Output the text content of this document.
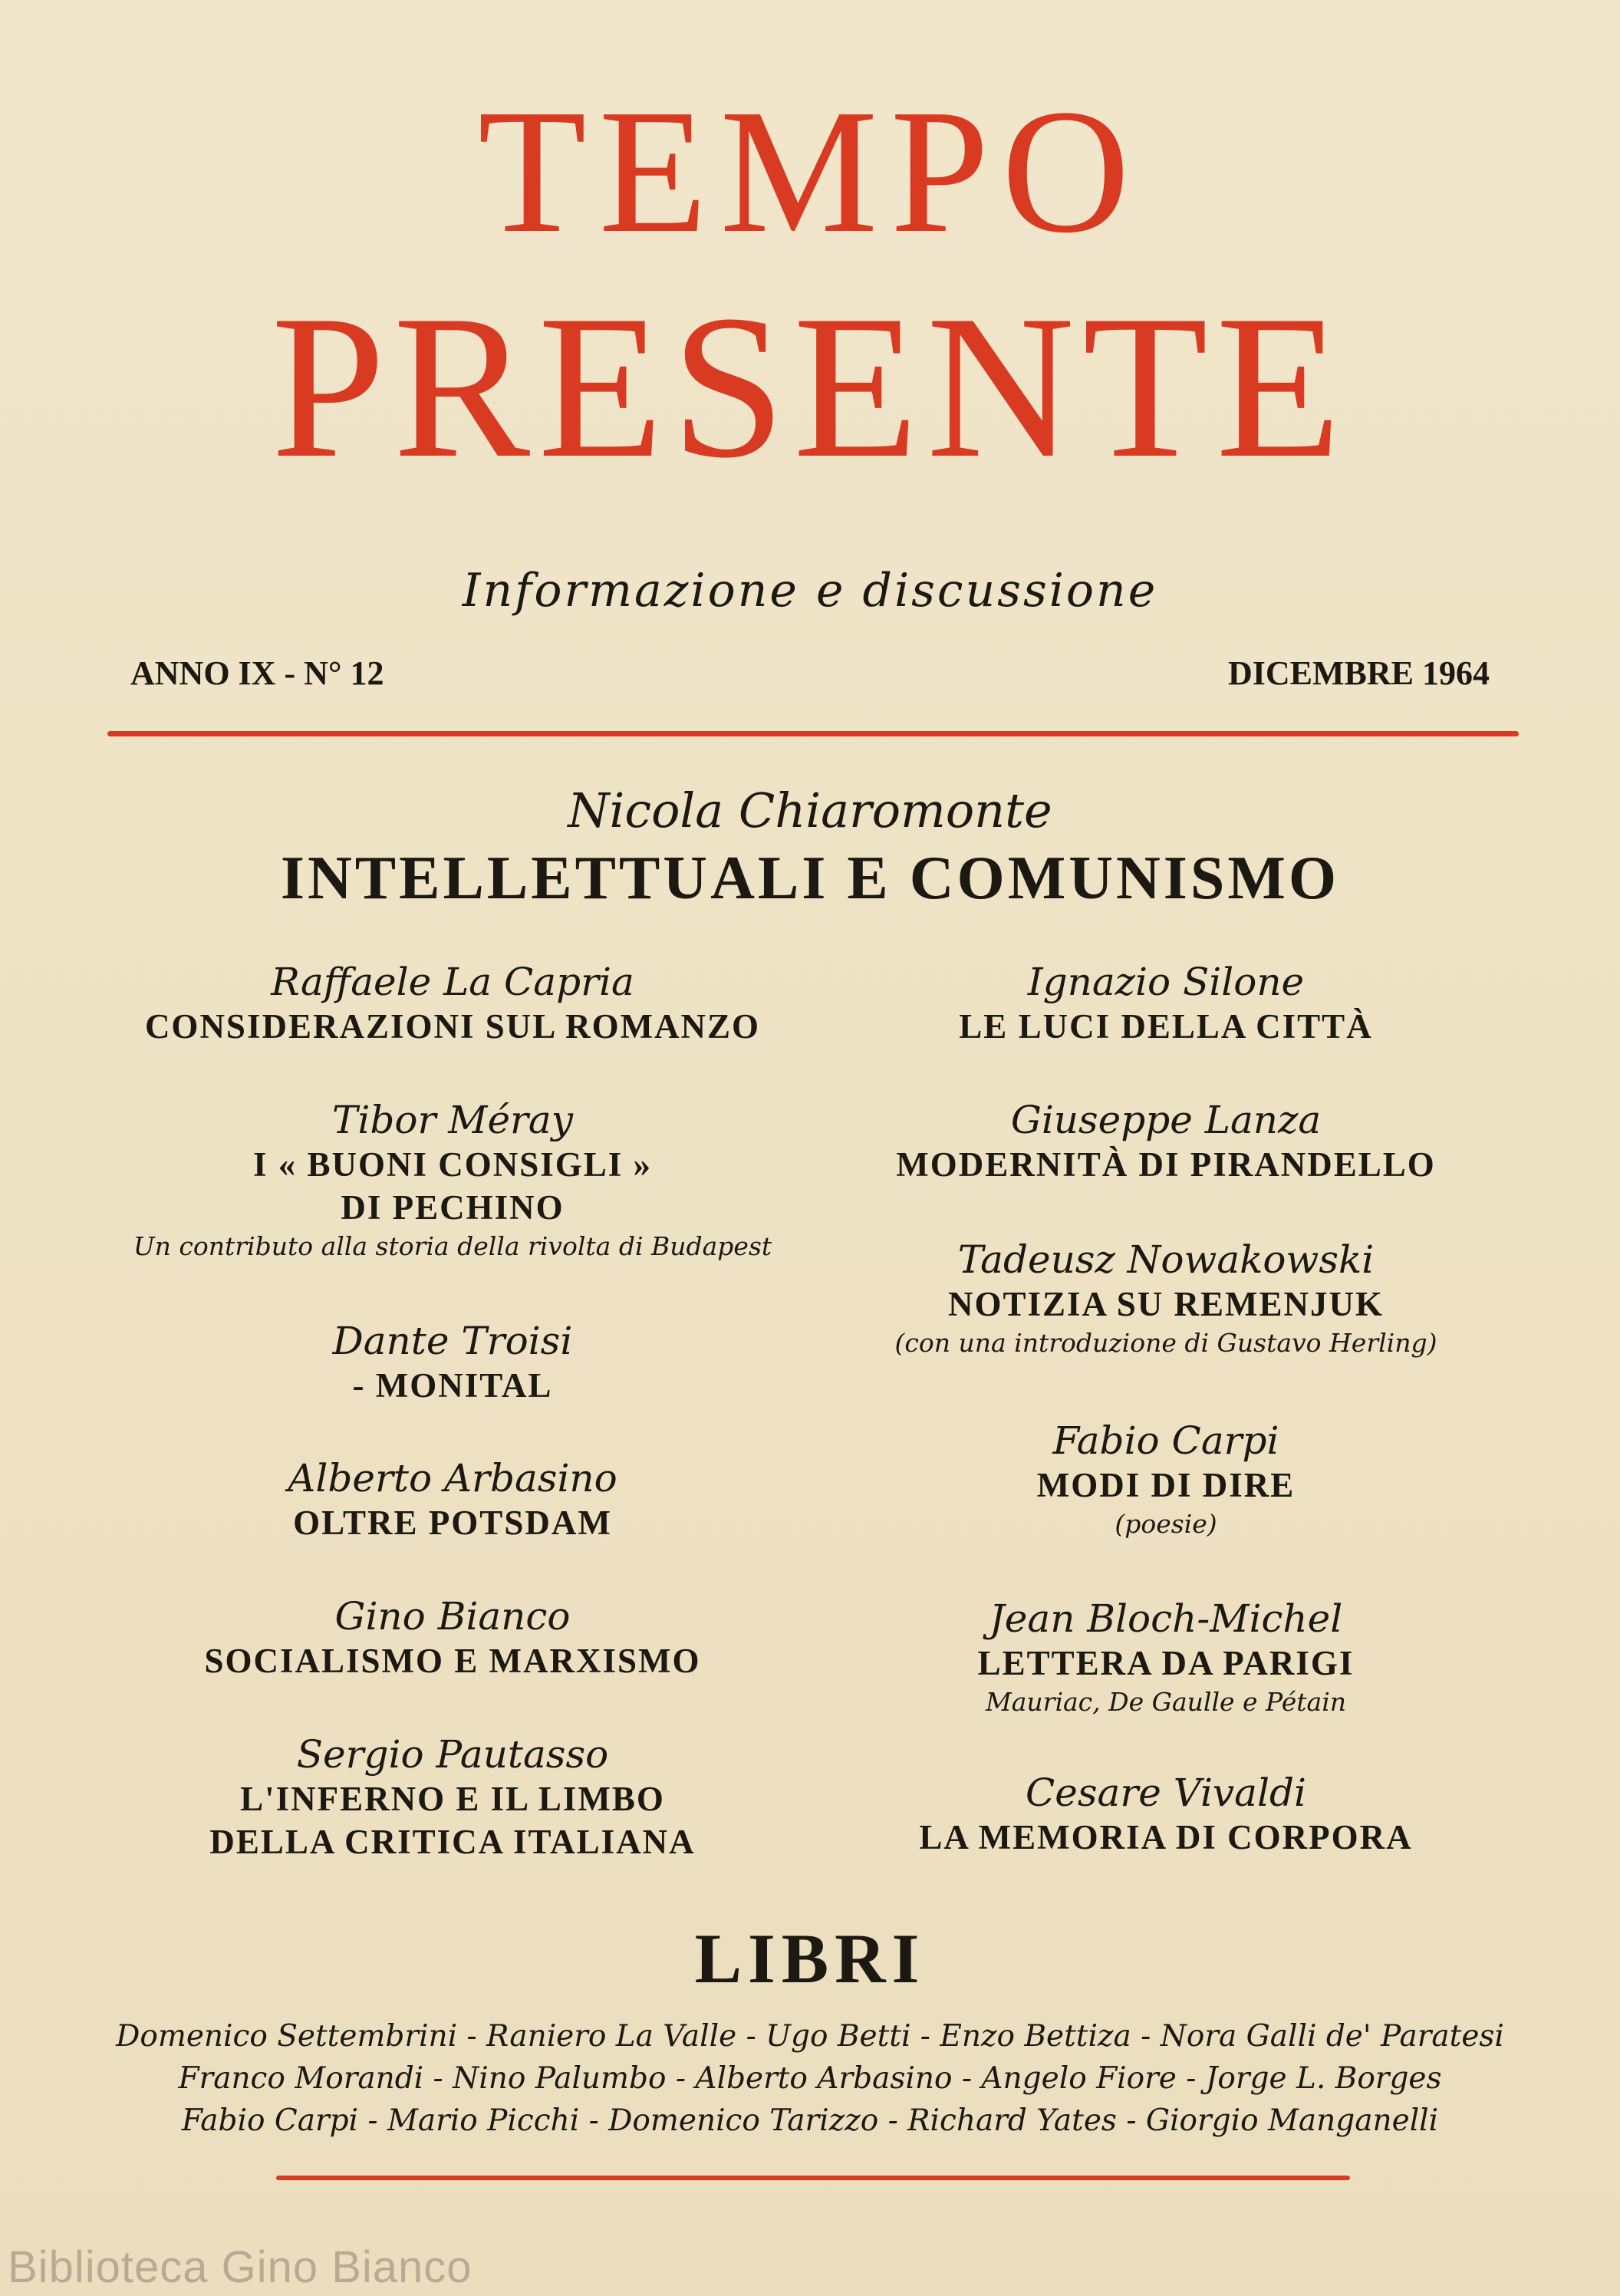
TEMPO
PRESENTE
Informazione e discussione
ANNO IX - N° 12	DICEMBRE 1964
Nicola Chiaromonte
INTELLETTUALI E COMUNISMO
Raffaele La Capria
CONSIDERAZIONI SUL ROMANZO
Tibor Méray
I « BUONI CONSIGLI »
DI PECHINO
Un contributo alla storia della rivolta di Budapest
Dante Troisi
- MONITAL
Alberto Arbasino
OLTRE POTSDAM
Gino Bianco
SOCIALISMO E MARXISMO
Sergio Pautasso
L'INFERNO E IL LIMBO
DELLA CRITICA ITALIANA
Ignazio Silone
LE LUCI DELLA CITTÀ
Giuseppe Lanza
MODERNITÀ DI PIRANDELLO
Tadeusz Nowakowski
NOTIZIA SU REMENJUK
(con una introduzione di Gustavo Herling)
Fabio Carpi
MODI DI DIRE
(poesie)
Jean Bloch-Michel
LETTERA DA PARIGI
Mauriac, De Gaulle e Pétain
Cesare Vivaldi
LA MEMORIA DI CORPORA
LIBRI
Domenico Settembrini - Raniero La Valle - Ugo Betti - Enzo Bettiza - Nora Galli de' Paratesi
Franco Morandi - Nino Palumbo - Alberto Arbasino - Angelo Fiore - Jorge L. Borges
Fabio Carpi - Mario Picchi - Domenico Tarizzo - Richard Yates - Giorgio Manganelli
Biblioteca Gino Bianco
